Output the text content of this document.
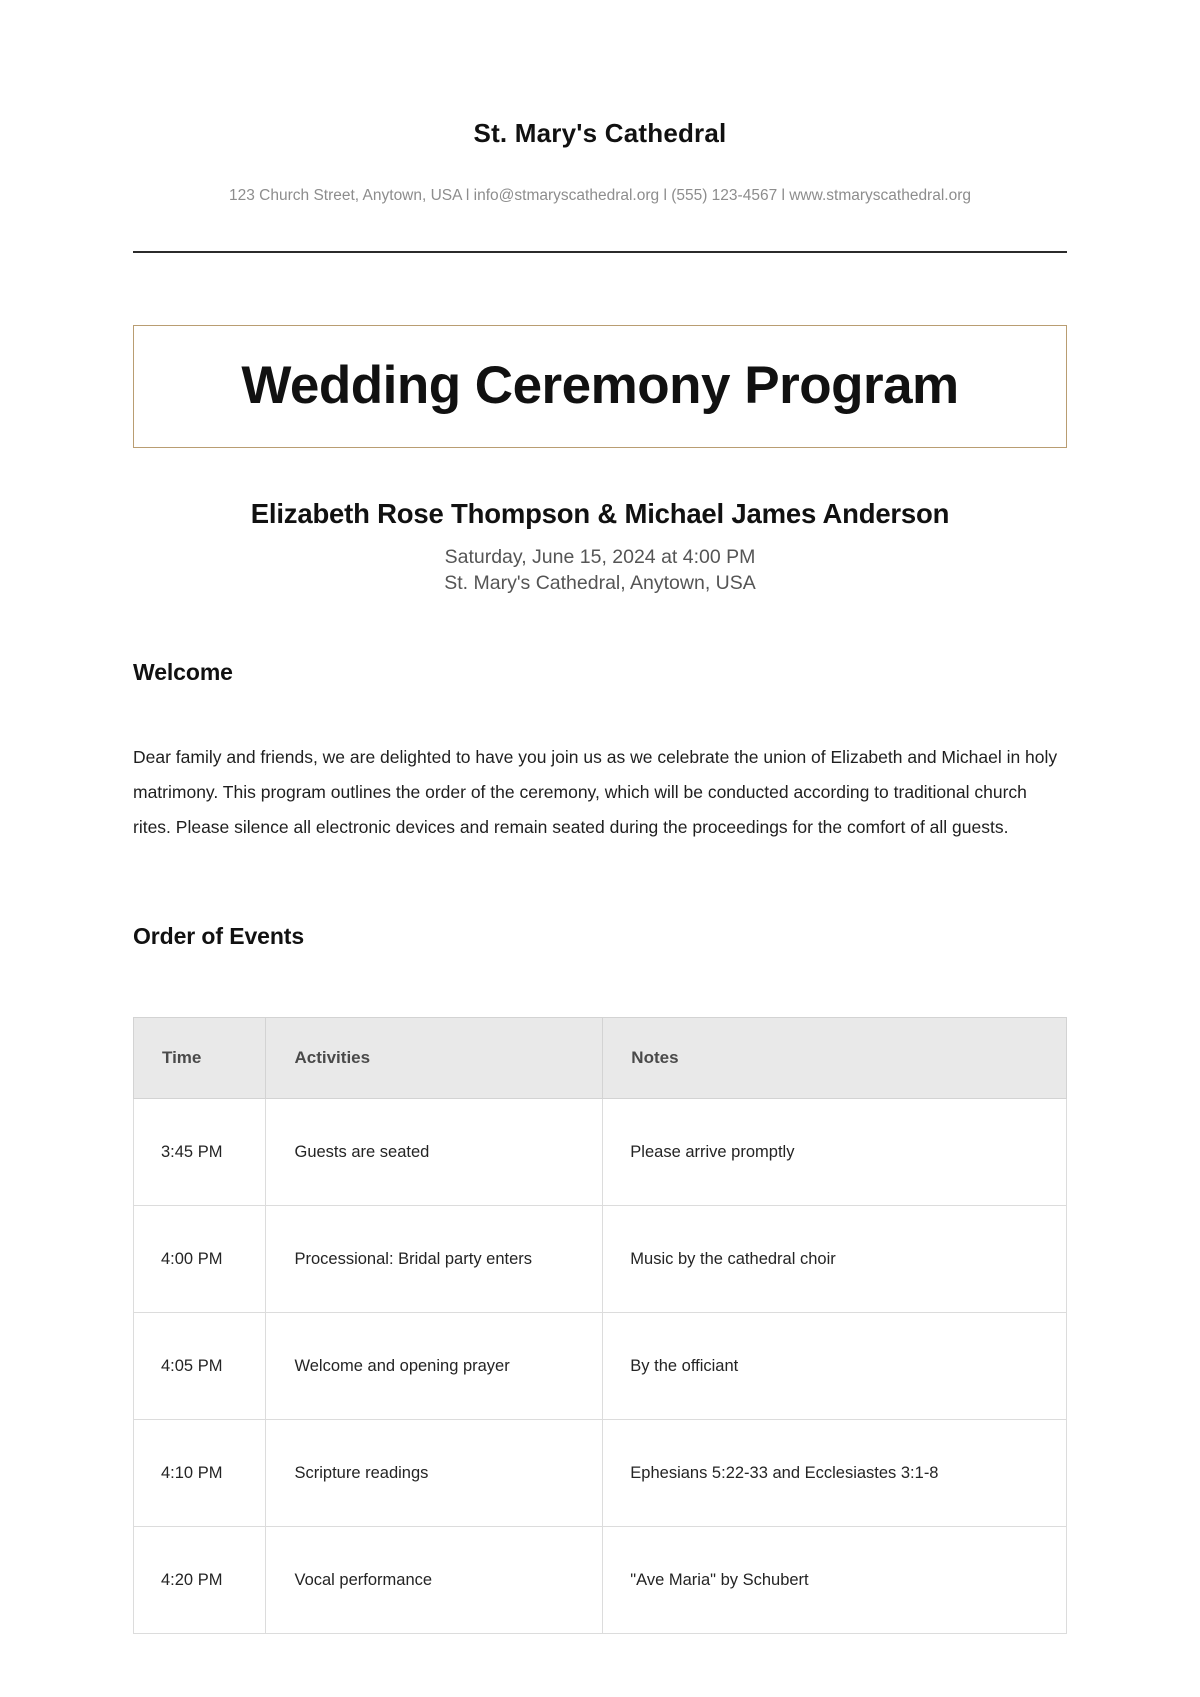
St. Mary's Cathedral

123 Church Street, Anytown, USA l info@stmaryscathedral.org l (555) 123-4567 l www.stmaryscathedral.org

Wedding Ceremony Program
Elizabeth Rose Thompson & Michael James Anderson
Saturday, June 15, 2024 at 4:00 PM
St. Mary's Cathedral, Anytown, USA
Welcome

Dear family and friends, we are delighted to have you join us as we celebrate the union of Elizabeth and Michael in holy matrimony. This program outlines the order of the ceremony, which will be conducted according to traditional church rites. Please silence all electronic devices and remain seated during the proceedings for the comfort of all guests.

Order of Events
Time	Activities	Notes
3:45 PM	Guests are seated	Please arrive promptly
4:00 PM	Processional: Bridal party enters	Music by the cathedral choir
4:05 PM	Welcome and opening prayer	By the officiant
4:10 PM	Scripture readings	Ephesians 5:22-33 and Ecclesiastes 3:1-8
4:20 PM	Vocal performance	"Ave Maria" by Schubert
